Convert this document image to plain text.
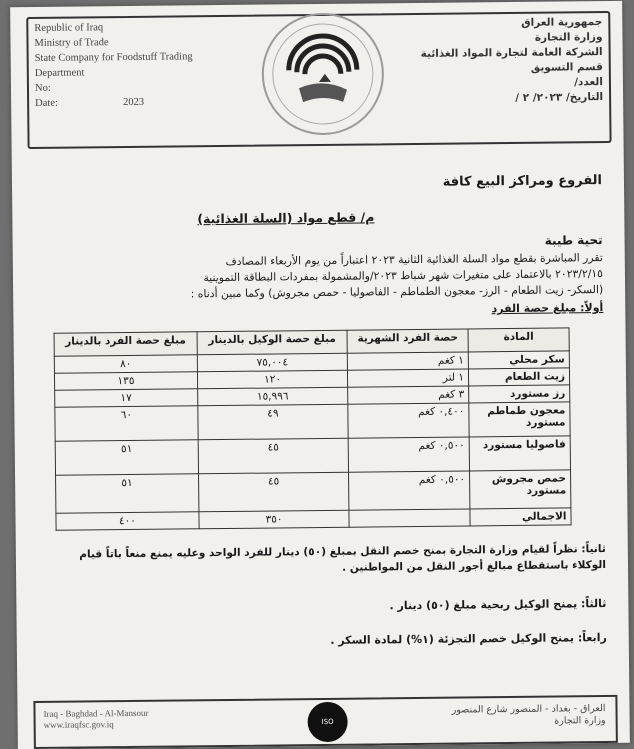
Republic of Iraq
Ministry of Trade
State Company for Foodstuff Trading
Department
No:
Date:	2023
جمهورية العراق
وزارة التجارة
الشركة العامة لتجارة المواد الغذائية
قسم التسويق
العدد/
التاريخ/ ٢٠٢٣/ ٢ /
الفروع ومراكز البيع كافة
م/ قطع مواد (السلة الغذائية)
تحية طيبة
تقرر المباشرة بقطع مواد السلة الغذائية الثانية ٢٠٢٣ اعتباراً من يوم الأربعاء المصادف
٢٠٢٣/٢/١٥ بالاعتماد على متغيرات شهر شباط ٢٠٢٣/والمشمولة بمفردات البطاقة التموينية
(السكر- زيت الطعام - الرز- معجون الطماطم - الفاصوليا - حمص مجروش) وكما مبين أدناه :
أولاً: مبلغ حصة الفرد
المادة	حصة الفرد الشهرية	مبلغ حصة الوكيل بالدينار	مبلغ حصة الفرد بالدينار
سكر محلي	١ كغم	٧٥,٠٠٤	٨٠
زيت الطعام	١ لتر	١٢٠	١٣٥
رز مستورد	٣ كغم	١٥,٩٩٦	١٧
معجون طماطم مستورد	٠,٤٠٠ كغم	٤٩	٦٠
فاصوليا مستورد	٠,٥٠٠ كغم	٤٥	٥١
حمص مجروش مستورد	٠,٥٠٠ كغم	٤٥	٥١
الاجمالي		٣٥٠	٤٠٠
ثانياً: نظراً لقيام وزارة التجارة بمنح خصم النقل بمبلغ (٥٠) دينار للفرد الواحد وعليه يمنع منعاً باتاً قيام
الوكلاء باستقطاع مبالغ أجور النقل من المواطنين .
ثالثاً: يمنح الوكيل ربحية مبلغ (٥٠) دينار .
رابعاً: يمنح الوكيل خصم التجزئة (١%) لمادة السكر .
Iraq - Baghdad - Al-Mansour
www.iraqfsc.gov.iq	ISO
العراق - بغداد - المنصور شارع المنصور
وزارة التجارة
